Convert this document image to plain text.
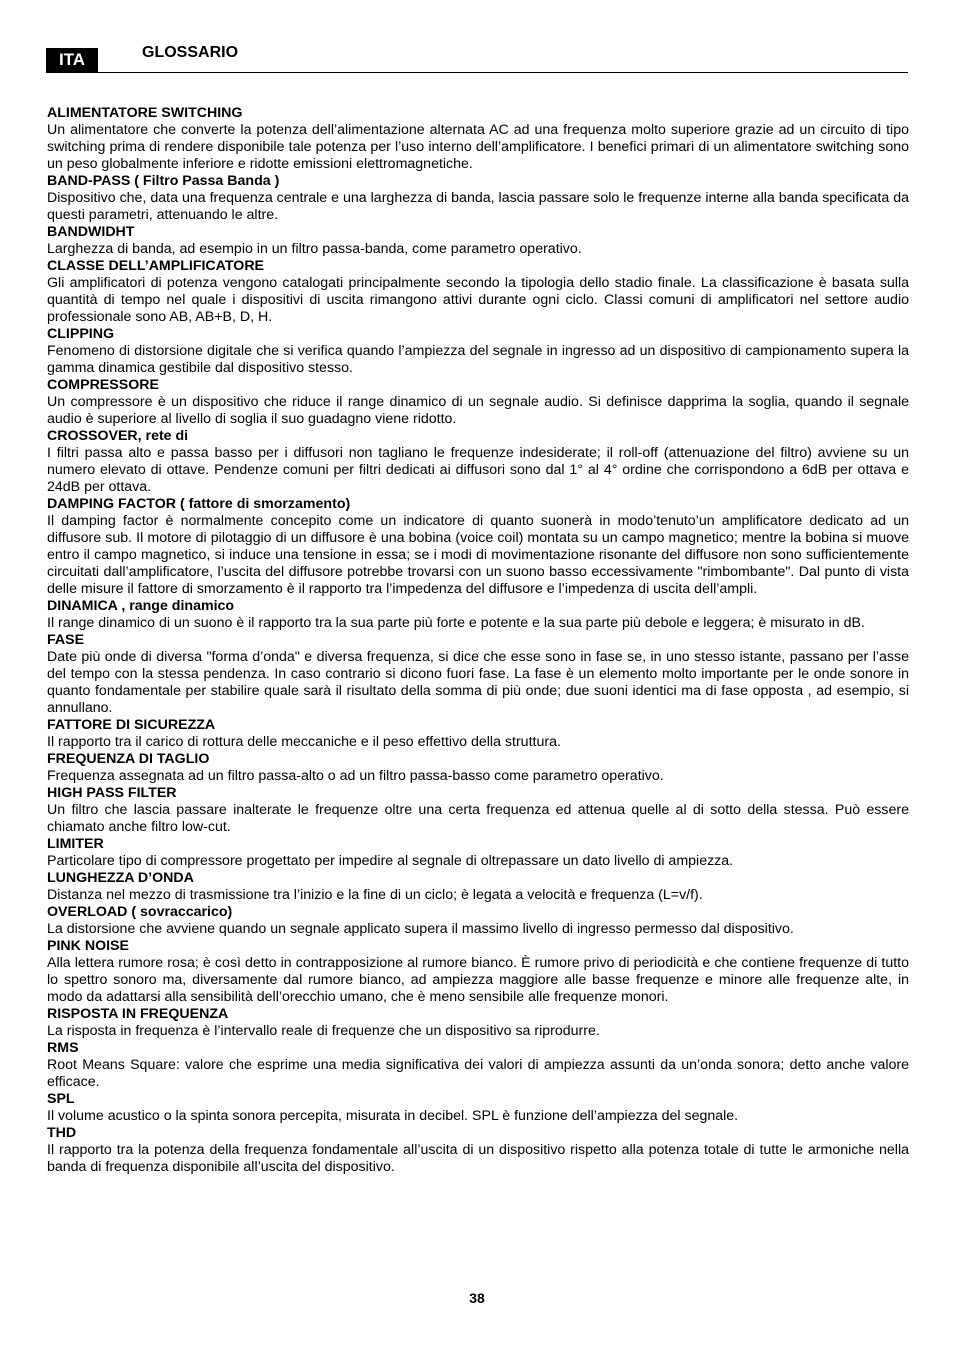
ITA	GLOSSARIO
ALIMENTATORE SWITCHING

Un alimentatore che converte la potenza dell’alimentazione alternata AC ad una frequenza molto superiore grazie ad un circuito di tipo switching prima di rendere disponibile tale potenza per l’uso interno dell’amplificatore. I benefici primari di un alimentatore switching sono un peso globalmente inferiore e ridotte emissioni elettromagnetiche.

BAND-PASS ( Filtro Passa Banda )

Dispositivo che, data una frequenza centrale e una larghezza di banda, lascia passare solo le frequenze interne alla banda specificata da questi parametri, attenuando le altre.

BANDWIDHT

Larghezza di banda, ad esempio in un filtro passa-banda, come parametro operativo.

CLASSE DELL’AMPLIFICATORE

Gli amplificatori di potenza vengono catalogati principalmente secondo la tipologia dello stadio finale. La classificazione è basata sulla quantità di tempo nel quale i dispositivi di uscita rimangono attivi durante ogni ciclo. Classi comuni di amplificatori nel settore audio professionale sono AB, AB+B, D, H.

CLIPPING

Fenomeno di distorsione digitale che si verifica quando l’ampiezza del segnale in ingresso ad un dispositivo di campionamento supera la gamma dinamica gestibile dal dispositivo stesso.

COMPRESSORE

Un compressore è un dispositivo che riduce il range dinamico di un segnale audio. Si definisce dapprima la soglia, quando il segnale audio è superiore al livello di soglia il suo guadagno viene ridotto.

CROSSOVER, rete di

I filtri passa alto e passa basso per i diffusori non tagliano le frequenze indesiderate; il roll-off (attenuazione del filtro) avviene su un numero elevato di ottave. Pendenze comuni per filtri dedicati ai diffusori sono dal 1° al 4° ordine che corrispondono a 6dB per ottava e 24dB per ottava.

DAMPING FACTOR ( fattore di smorzamento)

Il damping factor è normalmente concepito come un indicatore di quanto suonerà in modo’tenuto’un amplificatore dedicato ad un diffusore sub. Il motore di pilotaggio di un diffusore è una bobina (voice coil) montata su un campo magnetico; mentre la bobina si muove entro il campo magnetico, si induce una tensione in essa; se i modi di movimentazione risonante del diffusore non sono sufficientemente circuitati dall’amplificatore, l’uscita del diffusore potrebbe trovarsi con un suono basso eccessivamente "rimbombante". Dal punto di vista delle misure il fattore di smorzamento è il rapporto tra l’impedenza del diffusore e l’impedenza di uscita dell’ampli.

DINAMICA , range dinamico

Il range dinamico di un suono è il rapporto tra la sua parte più forte e potente e la sua parte più debole e leggera; è misurato in dB.

FASE

Date più onde di diversa "forma d’onda" e diversa frequenza, si dice che esse sono in fase se, in uno stesso istante, passano per l’asse del tempo con la stessa pendenza. In caso contrario si dicono fuori fase. La fase è un elemento molto importante per le onde sonore in quanto fondamentale per stabilire quale sarà il risultato della somma di più onde; due suoni identici ma di fase opposta , ad esempio, si annullano.

FATTORE DI SICUREZZA

Il rapporto tra il carico di rottura delle meccaniche e il peso effettivo della struttura.

FREQUENZA DI TAGLIO

Frequenza assegnata ad un filtro passa-alto o ad un filtro passa-basso come parametro operativo.

HIGH PASS FILTER

Un filtro che lascia passare inalterate le frequenze oltre una certa frequenza ed attenua quelle al di sotto della stessa. Può essere chiamato anche filtro low-cut.

LIMITER

Particolare tipo di compressore progettato per impedire al segnale di oltrepassare un dato livello di ampiezza.

LUNGHEZZA D’ONDA

Distanza nel mezzo di trasmissione tra l’inizio e la fine di un ciclo; è legata a velocità e frequenza (L=v/f).

OVERLOAD ( sovraccarico)

La distorsione che avviene quando un segnale applicato supera il massimo livello di ingresso permesso dal dispositivo.

PINK NOISE

Alla lettera rumore rosa; è così detto in contrapposizione al rumore bianco. È rumore privo di periodicità e che contiene frequenze di tutto lo spettro sonoro ma, diversamente dal rumore bianco, ad ampiezza maggiore alle basse frequenze e minore alle frequenze alte, in modo da adattarsi alla sensibilità dell’orecchio umano, che è meno sensibile alle frequenze monori.

RISPOSTA IN FREQUENZA

La risposta in frequenza è l’intervallo reale di frequenze che un dispositivo sa riprodurre.

RMS

Root Means Square: valore che esprime una media significativa dei valori di ampiezza assunti da un’onda sonora; detto anche valore efficace.

SPL

Il volume acustico o la spinta sonora percepita, misurata in decibel. SPL è funzione dell’ampiezza del segnale.

THD

Il rapporto tra la potenza della frequenza fondamentale all’uscita di un dispositivo rispetto alla potenza totale di tutte le armoniche nella banda di frequenza disponibile all’uscita del dispositivo.

38
